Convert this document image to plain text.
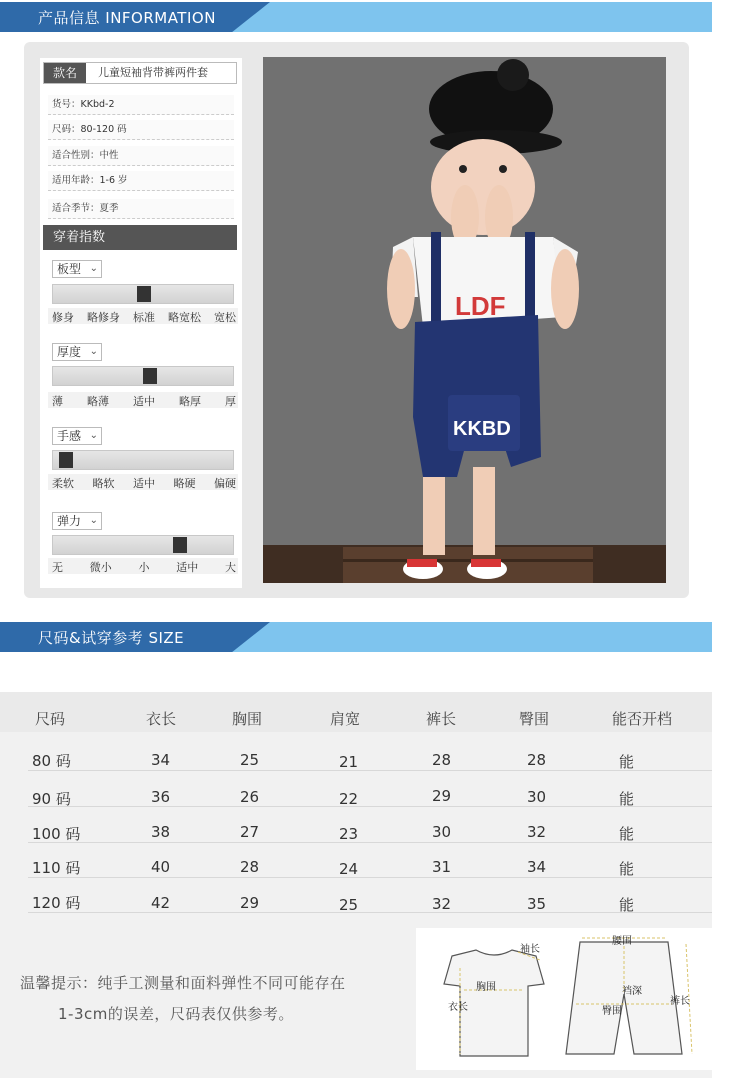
产品信息 INFORMATION
款名	儿童短袖背带裤两件套
货号：KKbd-2
尺码：80-120 码
适合性别：中性
适用年龄：1-6 岁
适合季节：夏季
穿着指数
板型 ⌄
修身 略修身 标准 略宽松 宽松
厚度 ⌄
薄 略薄 适中 略厚 厚
手感 ⌄
柔软 略软 适中 略硬 偏硬
弹力 ⌄
无 微小 小 适中 大
LDF
KKBD
尺码&试穿参考 SIZE
尺码	衣长	胸围	肩宽	裤长	臀围	能否开档
80 码	34	25	21	28	28	能
90 码	36	26	22	29	30	能
100 码	38	27	23	30	32	能
110 码	40	28	24	31	34	能
120 码	42	29	25	32	35	能
温馨提示：纯手工测量和面料弹性不同可能存在
1-3cm的误差，尺码表仅供参考。
袖长
胸围
衣长
腰围
裆深
臀围
裤长
